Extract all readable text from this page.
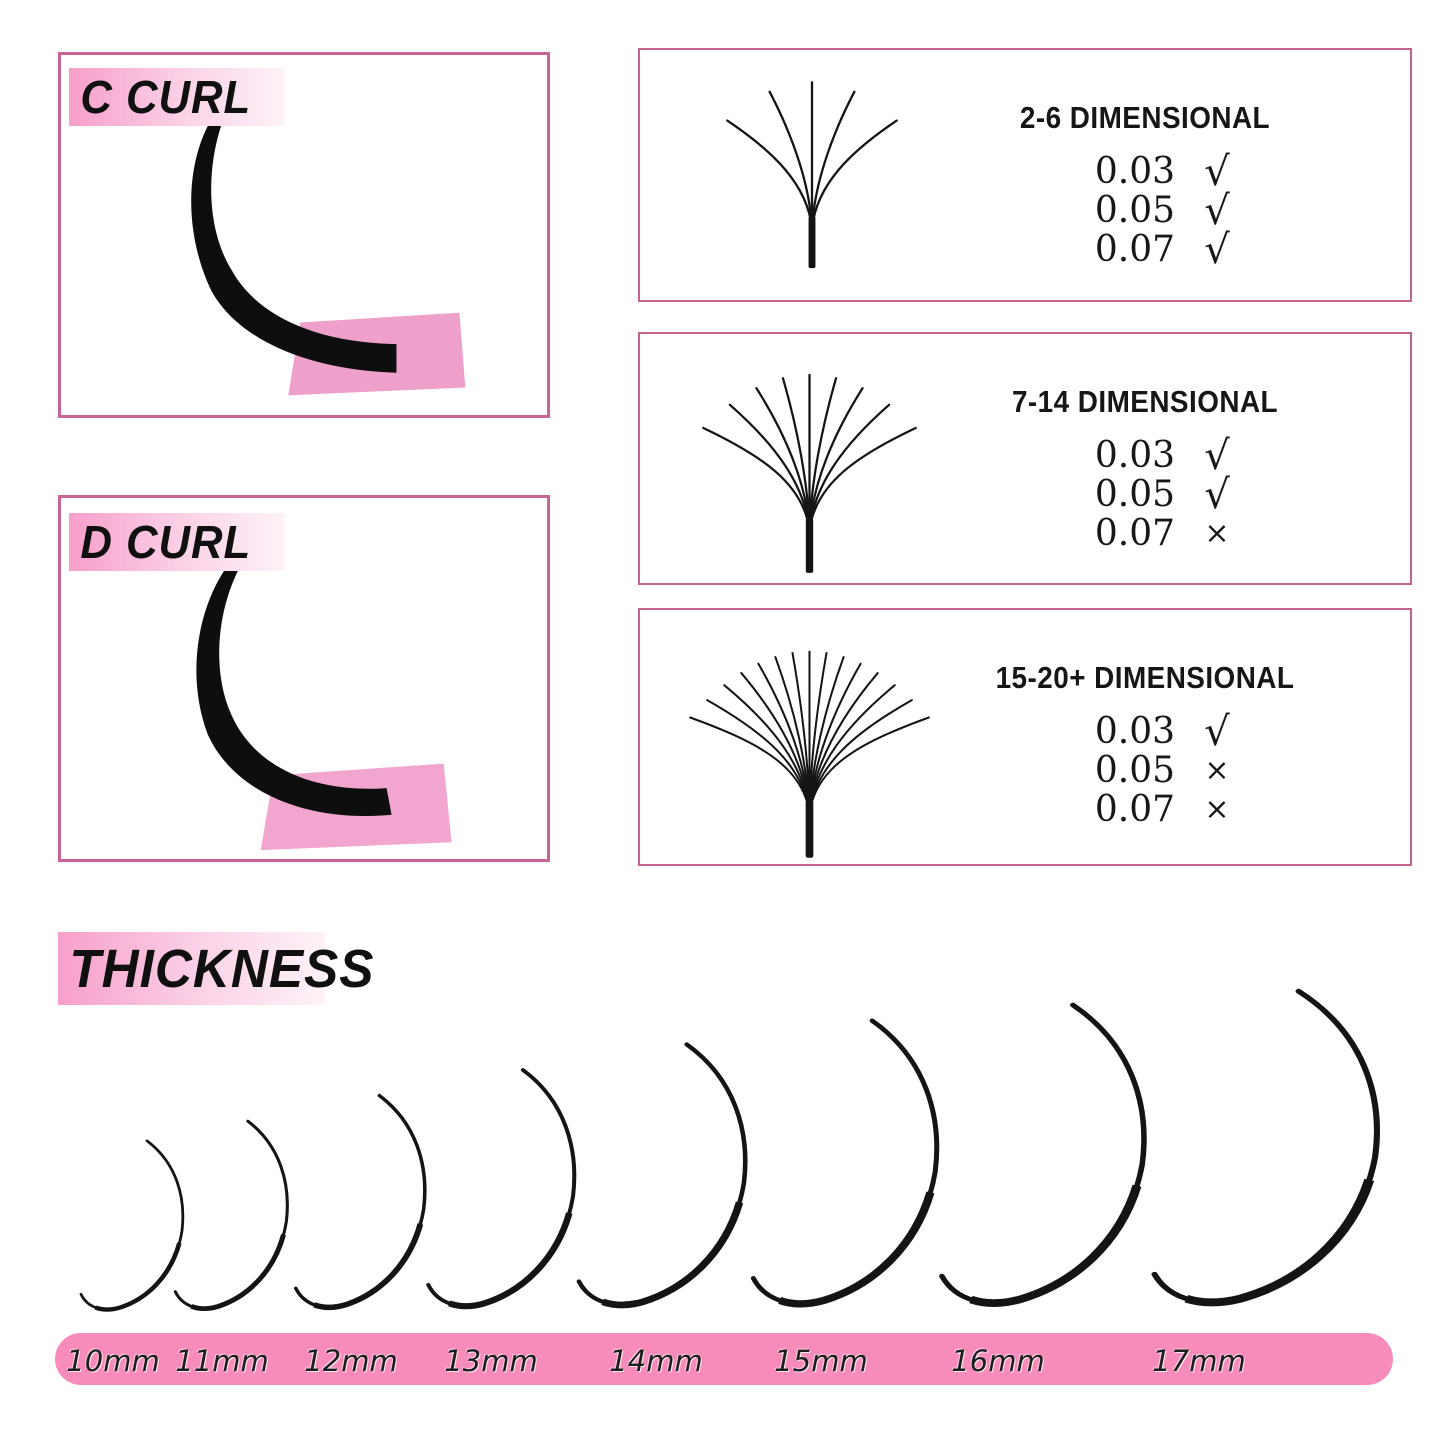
C CURL
D CURL
2-6 DIMENSIONAL
0.03 √
0.05 √
0.07 √
7-14 DIMENSIONAL
0.03 √
0.05 √
0.07 ×
15-20+ DIMENSIONAL
0.03 √
0.05 ×
0.07 ×
THICKNESS
10mm 11mm 12mm 13mm 14mm 15mm	16mm	17mm
